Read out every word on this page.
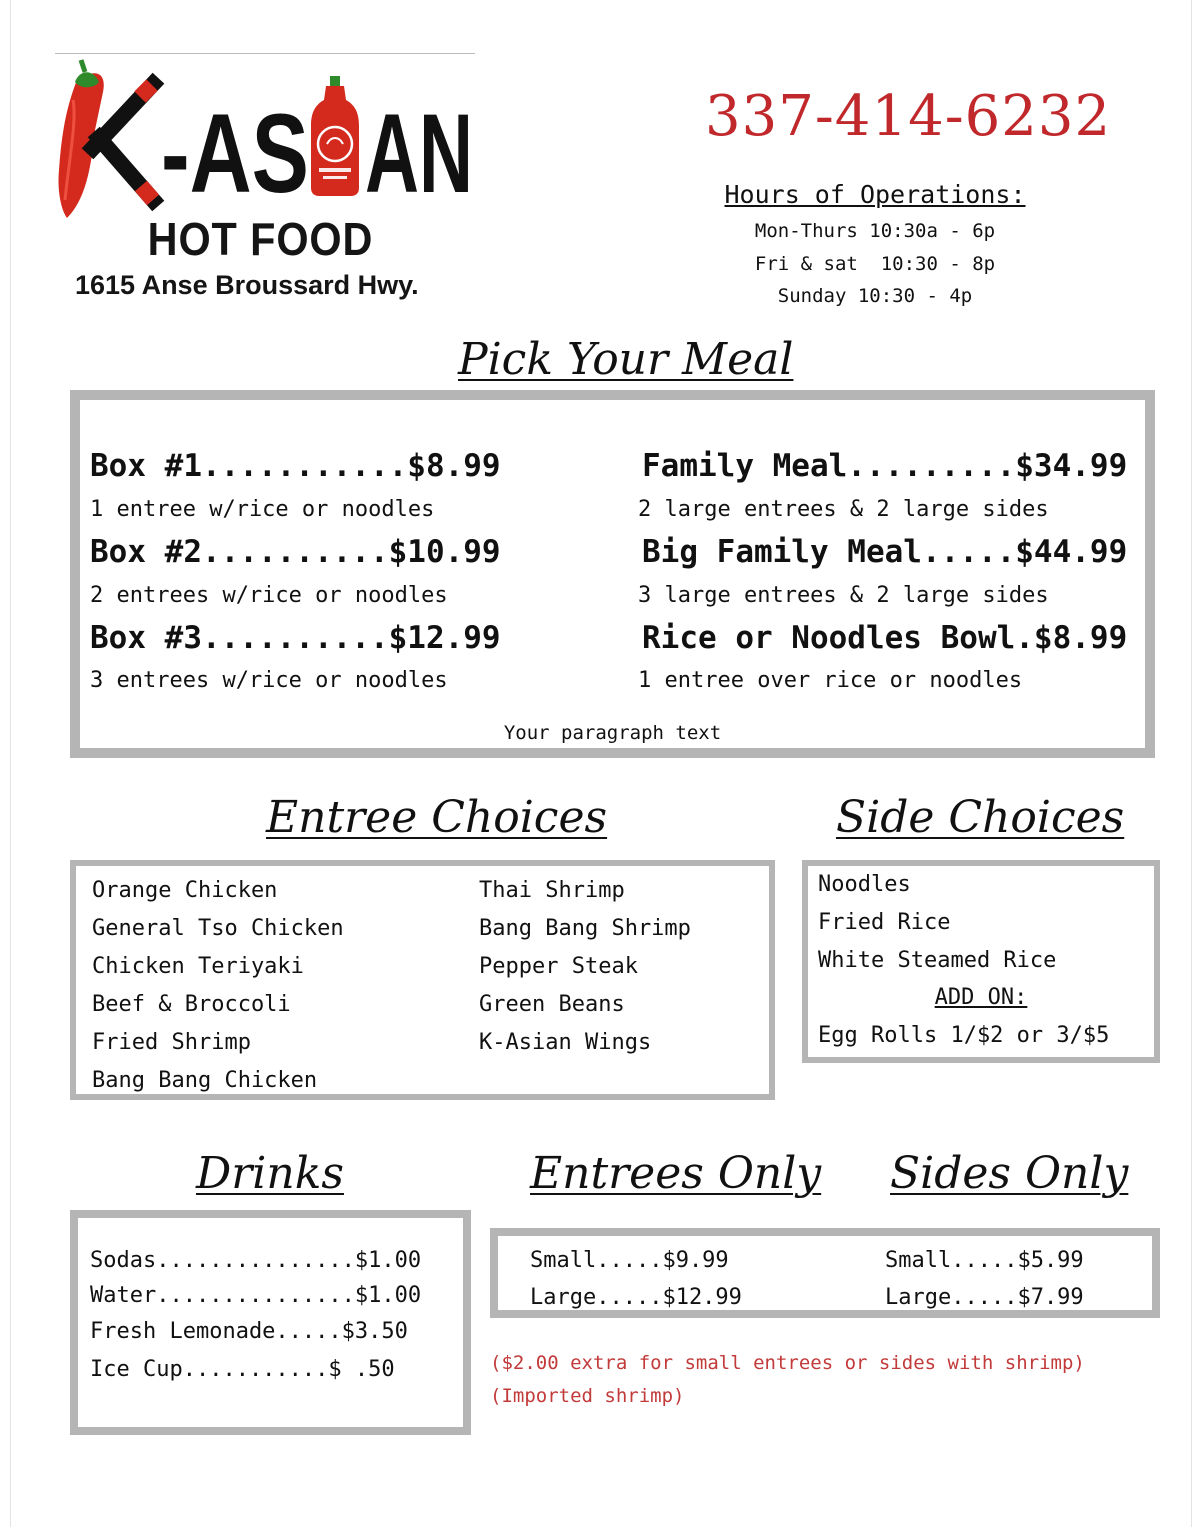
-AS AN
HOT FOOD
1615 Anse Broussard Hwy.
337-414-6232
Hours of Operations:
Mon-Thurs 10:30a - 6p
Fri & sat  10:30 - 8p
Sunday 10:30 - 4p
Pick Your Meal
Box #1...........$8.99
1 entree w/rice or noodles
Box #2..........$10.99
2 entrees w/rice or noodles
Box #3..........$12.99
3 entrees w/rice or noodles
Family Meal.........$34.99
2 large entrees & 2 large sides
Big Family Meal.....$44.99
3 large entrees & 2 large sides
Rice or Noodles Bowl.$8.99
1 entree over rice or noodles
Your paragraph text
Entree Choices
Orange Chicken
General Tso Chicken
Chicken Teriyaki
Beef & Broccoli
Fried Shrimp
Bang Bang Chicken
Thai Shrimp
Bang Bang Shrimp
Pepper Steak
Green Beans
K-Asian Wings
Side Choices
Noodles
Fried Rice
White Steamed Rice
ADD ON:
Egg Rolls 1/$2 or 3/$5
Drinks
Sodas...............$1.00
Water...............$1.00
Fresh Lemonade.....$3.50
Ice Cup...........$ .50
Entrees Only Sides Only
Small.....$9.99
Large.....$12.99
Small.....$5.99
Large.....$7.99
($2.00 extra for small entrees or sides with shrimp)
(Imported shrimp)
